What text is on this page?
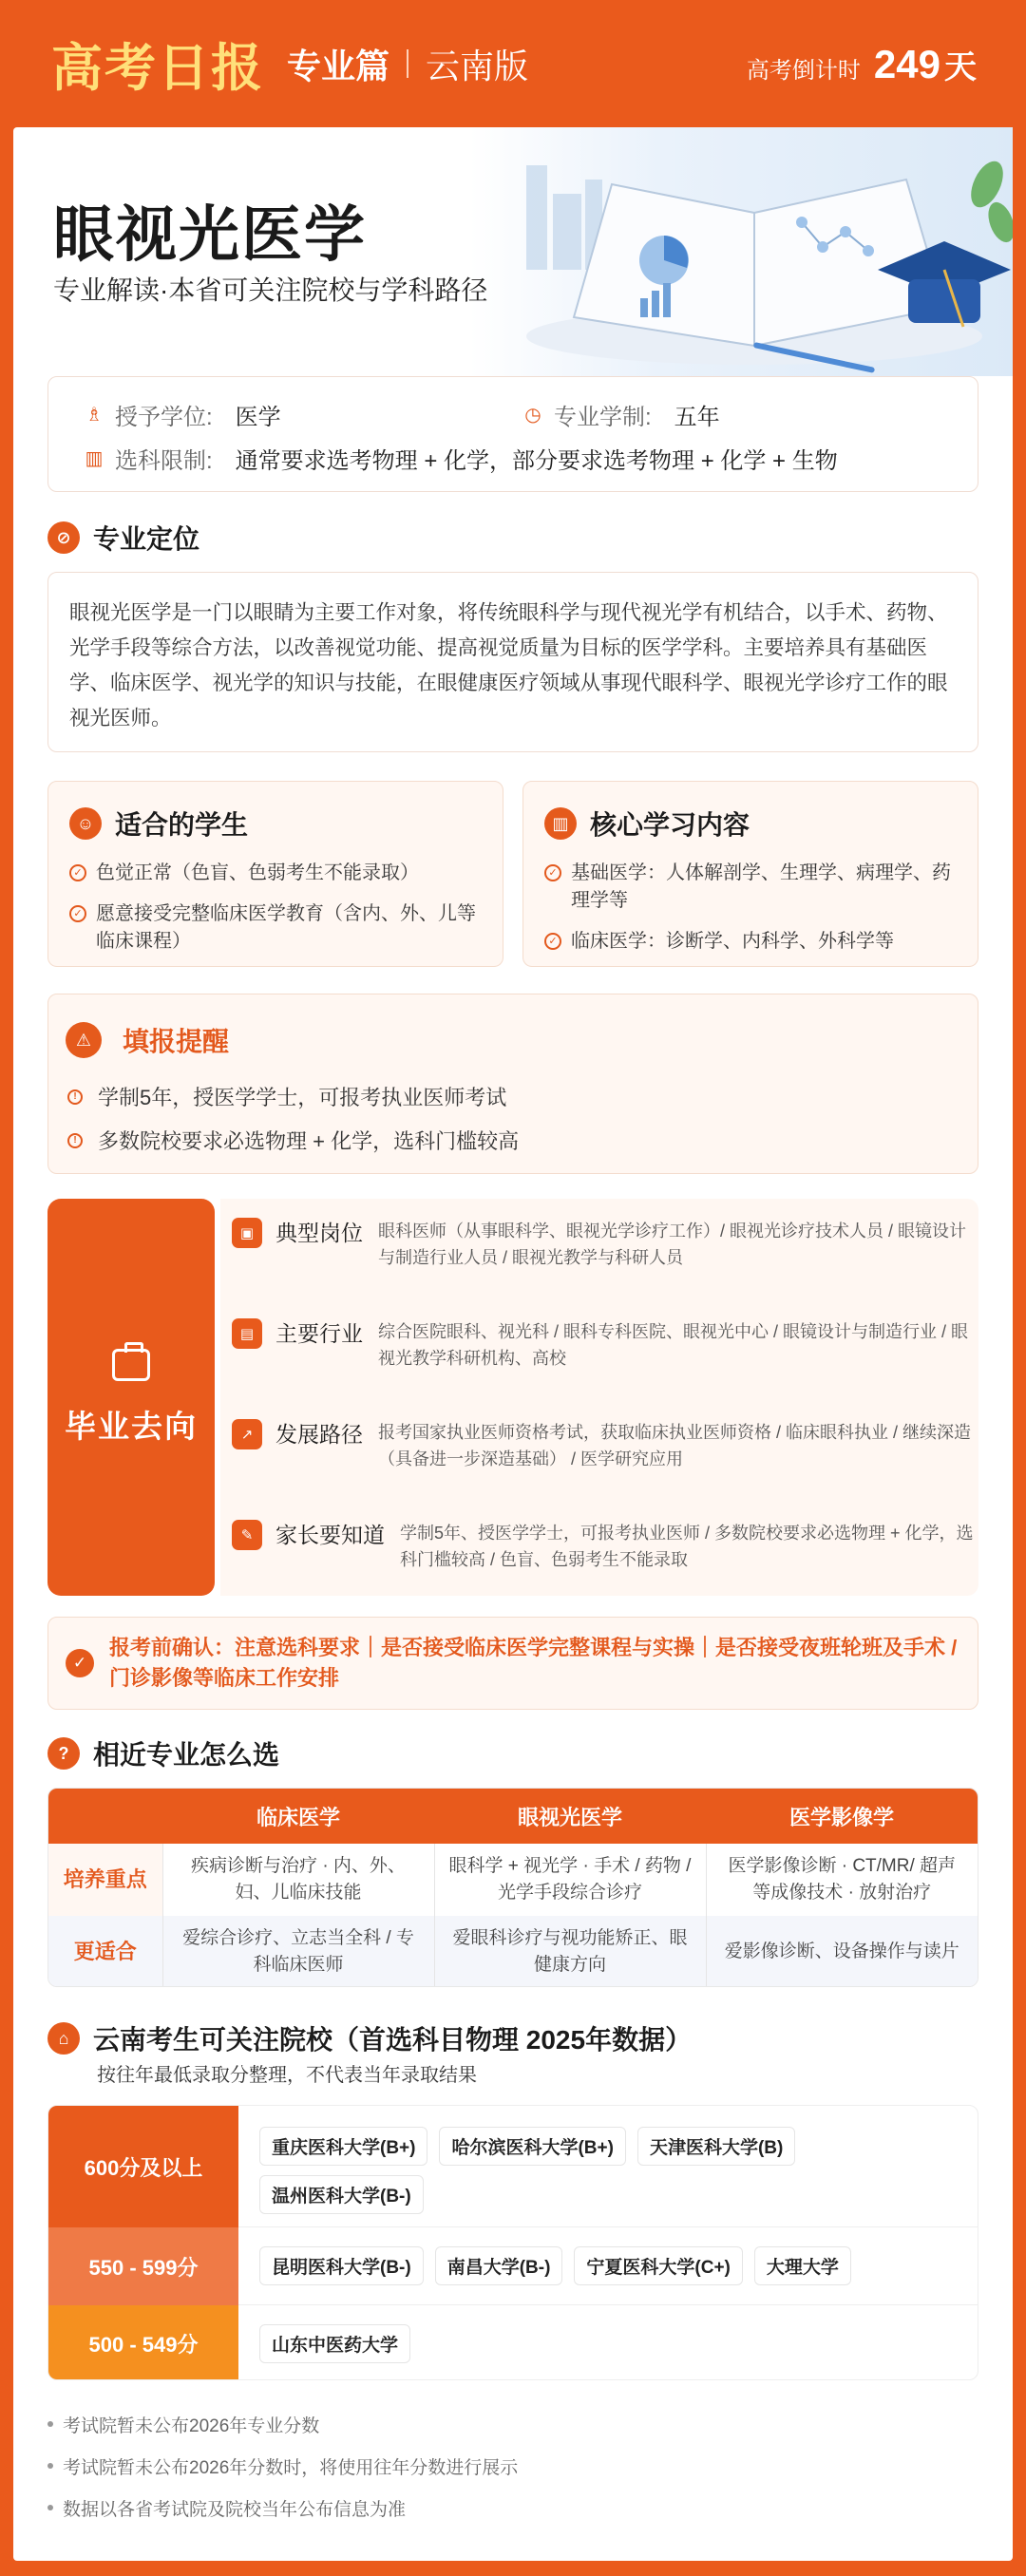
高考日报 专业篇 云南版	高考倒计时 249 天
眼视光医学
专业解读·本省可关注院校与学科路径
♗ 授予学位: 医学	◷ 专业学制: 五年
▥ 选科限制: 通常要求选考物理 + 化学，部分要求选考物理 + 化学 + 生物
⊘ 专业定位
眼视光医学是一门以眼睛为主要工作对象，将传统眼科学与现代视光学有机结合，以手术、药物、光学手段等综合方法，以改善视觉功能、提高视觉质量为目标的医学学科。主要培养具有基础医学、临床医学、视光学的知识与技能，在眼健康医疗领域从事现代眼科学、眼视光学诊疗工作的眼视光医师。
☺ 适合的学生
✓ 色觉正常（色盲、色弱考生不能录取）
✓ 愿意接受完整临床医学教育（含内、外、儿等临床课程）
▥ 核心学习内容
✓ 基础医学：人体解剖学、生理学、病理学、药理学等
✓ 临床医学：诊断学、内科学、外科学等
⚠	填报提醒
! 学制5年，授医学学士，可报考执业医师考试
! 多数院校要求必选物理 + 化学，选科门槛较高
毕业去向
▣ 典型岗位 眼科医师（从事眼科学、眼视光学诊疗工作）/ 眼视光诊疗技术人员 / 眼镜设计与制造行业人员 / 眼视光教学与科研人员
▤ 主要行业 综合医院眼科、视光科 / 眼科专科医院、眼视光中心 / 眼镜设计与制造行业 / 眼视光教学科研机构、高校
↗	发展路径 报考国家执业医师资格考试，获取临床执业医师资格 / 临床眼科执业 / 继续深造（具备进一步深造基础） / 医学研究应用
✎	家长要知道 学制5年、授医学学士，可报考执业医师 / 多数院校要求必选物理 + 化学，选科门槛较高 / 色盲、色弱考生不能录取
✓
报考前确认：注意选科要求｜是否接受临床医学完整课程与实操｜是否接受夜班轮班及手术 / 门诊影像等临床工作安排
? 相近专业怎么选
	临床医学	眼视光医学	医学影像学
培养重点	疾病诊断与治疗 · 内、外、妇、儿临床技能	眼科学 + 视光学 · 手术 / 药物 / 光学手段综合诊疗	医学影像诊断 · CT/MR/ 超声等成像技术 · 放射治疗
更适合	爱综合诊疗、立志当全科 / 专科临床医师	爱眼科诊疗与视功能矫正、眼健康方向	爱影像诊断、设备操作与读片
⌂ 云南考生可关注院校（首选科目物理 2025年数据）
按往年最低录取分整理，不代表当年录取结果
600分及以上
重庆医科大学(B+) 哈尔滨医科大学(B+) 天津医科大学(B)温州医科大学(B-)
550 - 599分	昆明医科大学(B-) 南昌大学(B-) 宁夏医科大学(C+) 大理大学
500 - 549分	山东中医药大学
考试院暂未公布2026年专业分数
考试院暂未公布2026年分数时，将使用往年分数进行展示
数据以各省考试院及院校当年公布信息为准
